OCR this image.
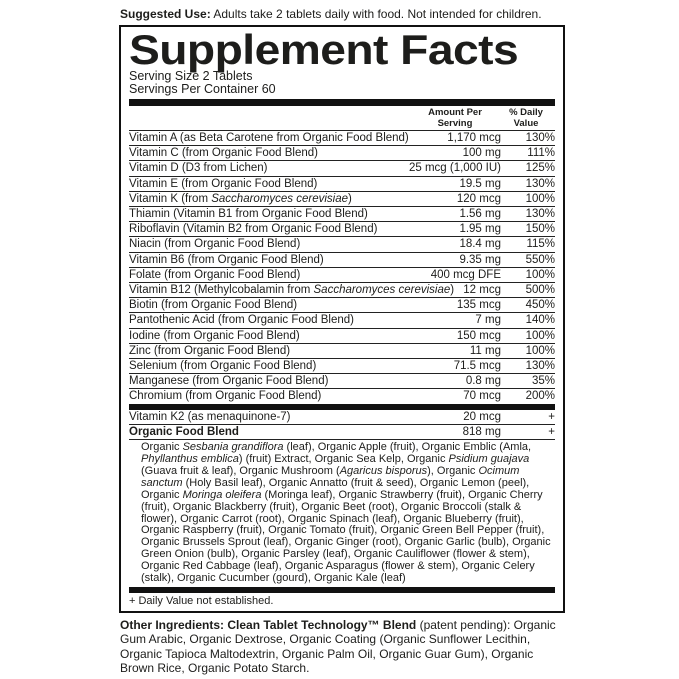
Suggested Use: Adults take 2 tablets daily with food. Not intended for children.

Supplement Facts
Serving Size 2 Tablets
Servings Per Container 60
Amount Per Serving
% Daily Value
Vitamin A (as Beta Carotene from Organic Food Blend)	1,170 mcg	130%
Vitamin C (from Organic Food Blend)	100 mg	111%
Vitamin D (D3 from Lichen)	25 mcg (1,000 IU)	125%
Vitamin E (from Organic Food Blend)	19.5 mg	130%
Vitamin K (from Saccharomyces cerevisiae)	120 mcg	100%
Thiamin (Vitamin B1 from Organic Food Blend)	1.56 mg	130%
Riboflavin (Vitamin B2 from Organic Food Blend)	1.95 mg	150%
Niacin (from Organic Food Blend)	18.4 mg	115%
Vitamin B6 (from Organic Food Blend)	9.35 mg	550%
Folate (from Organic Food Blend)	400 mcg DFE	100%
Vitamin B12 (Methylcobalamin from Saccharomyces cerevisiae) 12 mcg	500%
Biotin (from Organic Food Blend)	135 mcg	450%
Pantothenic Acid (from Organic Food Blend)	7 mg	140%
Iodine (from Organic Food Blend)	150 mcg	100%
Zinc (from Organic Food Blend)	11 mg	100%
Selenium (from Organic Food Blend)	71.5 mcg	130%
Manganese (from Organic Food Blend)	0.8 mg	35%
Chromium (from Organic Food Blend)	70 mcg	200%
Vitamin K2 (as menaquinone-7)	20 mcg	+
Organic Food Blend	818 mg	+

Organic Sesbania grandiflora (leaf), Organic Apple (fruit), Organic Emblic (Amla, Phyllanthus emblica) (fruit) Extract, Organic Sea Kelp, Organic Psidium guajava (Guava fruit & leaf), Organic Mushroom (Agaricus bisporus), Organic Ocimum sanctum (Holy Basil leaf), Organic Annatto (fruit & seed), Organic Lemon (peel), Organic Moringa oleifera (Moringa leaf), Organic Strawberry (fruit), Organic Cherry (fruit), Organic Blackberry (fruit), Organic Beet (root), Organic Broccoli (stalk & flower), Organic Carrot (root), Organic Spinach (leaf), Organic Blueberry (fruit), Organic Raspberry (fruit), Organic Tomato (fruit), Organic Green Bell Pepper (fruit), Organic Brussels Sprout (leaf), Organic Ginger (root), Organic Garlic (bulb), Organic Green Onion (bulb), Organic Parsley (leaf), Organic Cauliflower (flower & stem), Organic Red Cabbage (leaf), Organic Asparagus (flower & stem), Organic Celery (stalk), Organic Cucumber (gourd), Organic Kale (leaf)

+ Daily Value not established.

Other Ingredients: Clean Tablet Technology™ Blend (patent pending): Organic Gum Arabic, Organic Dextrose, Organic Coating (Organic Sunflower Lecithin, Organic Tapioca Maltodextrin, Organic Palm Oil, Organic Guar Gum), Organic Brown Rice, Organic Potato Starch.
